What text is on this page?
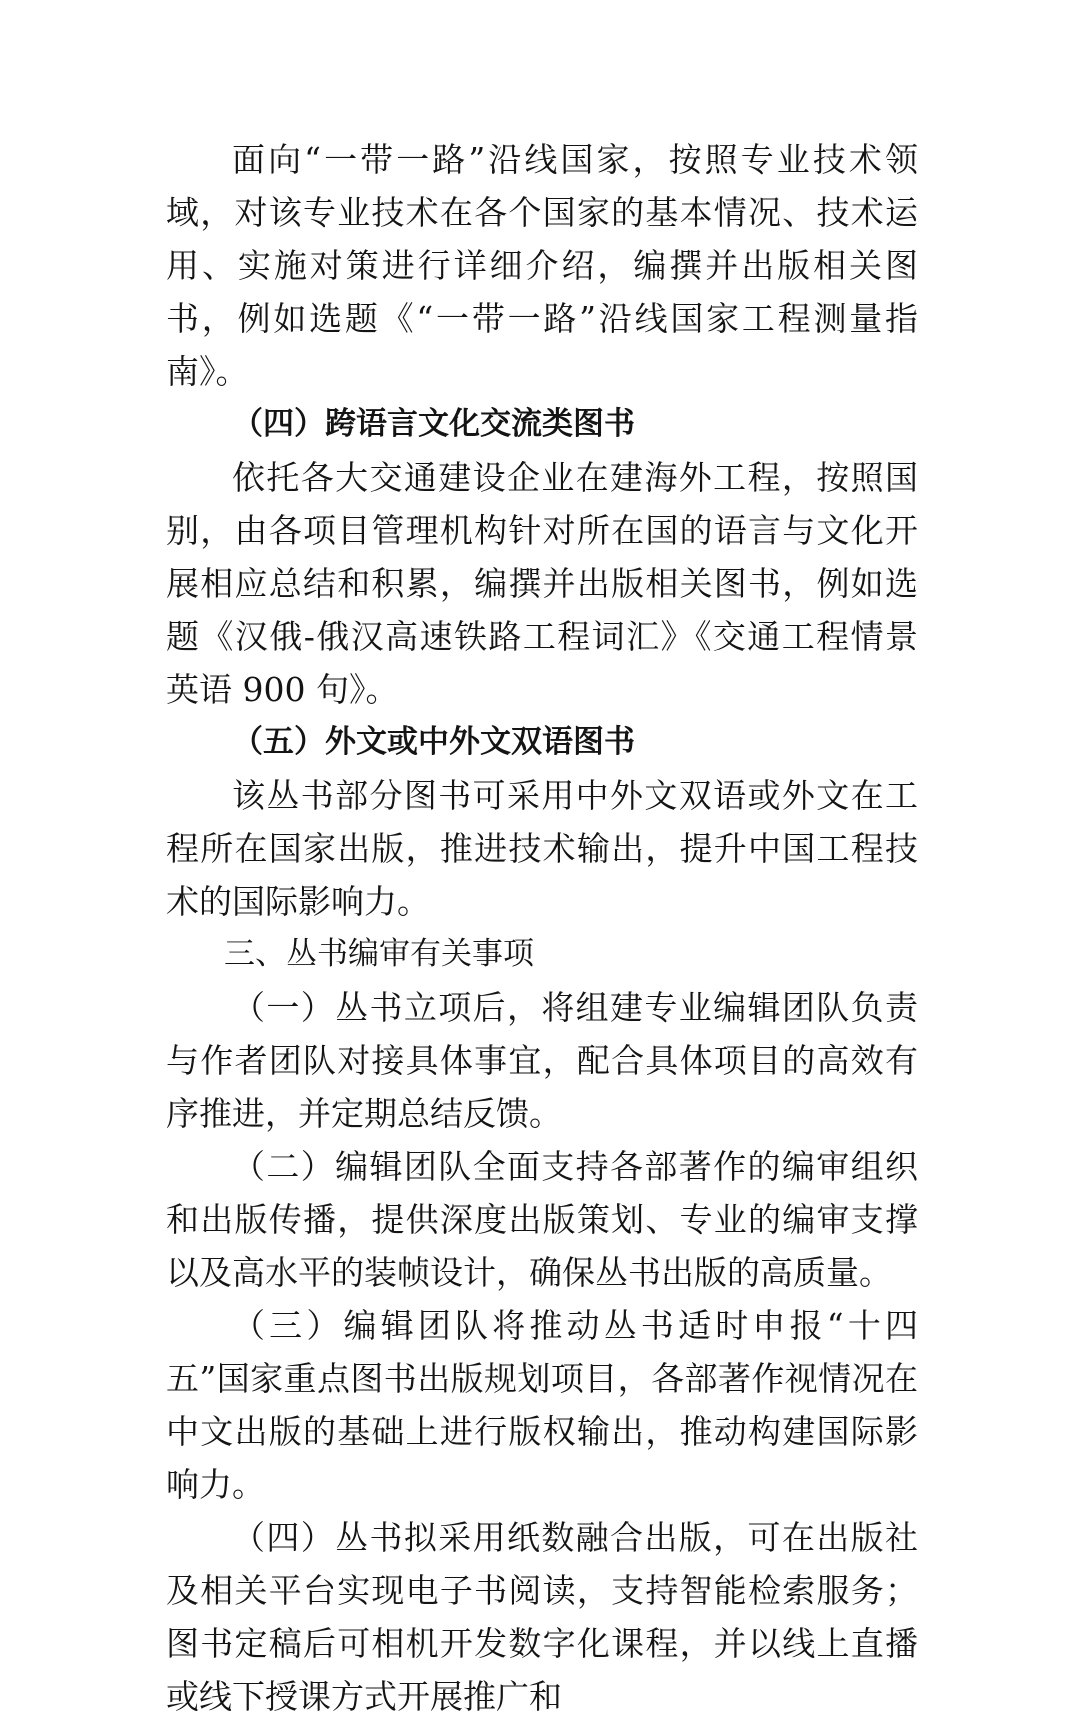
面向“一带一路”沿线国家，按照专业技术领域，对该专业技术在各个国家的基本情况、技术运用、实施对策进行详细介绍，编撰并出版相关图书，例如选题《“一带一路”沿线国家工程测量指南》。

（四）跨语言文化交流类图书

依托各大交通建设企业在建海外工程，按照国别，由各项目管理机构针对所在国的语言与文化开展相应总结和积累，编撰并出版相关图书，例如选题《汉俄-俄汉高速铁路工程词汇》《交通工程情景英语 900 句》。

（五）外文或中外文双语图书

该丛书部分图书可采用中外文双语或外文在工程所在国家出版，推进技术输出，提升中国工程技术的国际影响力。

三、丛书编审有关事项

（一）丛书立项后，将组建专业编辑团队负责与作者团队对接具体事宜，配合具体项目的高效有序推进，并定期总结反馈。

（二）编辑团队全面支持各部著作的编审组织和出版传播，提供深度出版策划、专业的编审支撑以及高水平的装帧设计，确保丛书出版的高质量。

（三）编辑团队将推动丛书适时申报“十四五”国家重点图书出版规划项目，各部著作视情况在中文出版的基础上进行版权输出，推动构建国际影响力。

（四）丛书拟采用纸数融合出版，可在出版社及相关平台实现电子书阅读，支持智能检索服务；图书定稿后可相机开发数字化课程，并以线上直播或线下授课方式开展推广和
